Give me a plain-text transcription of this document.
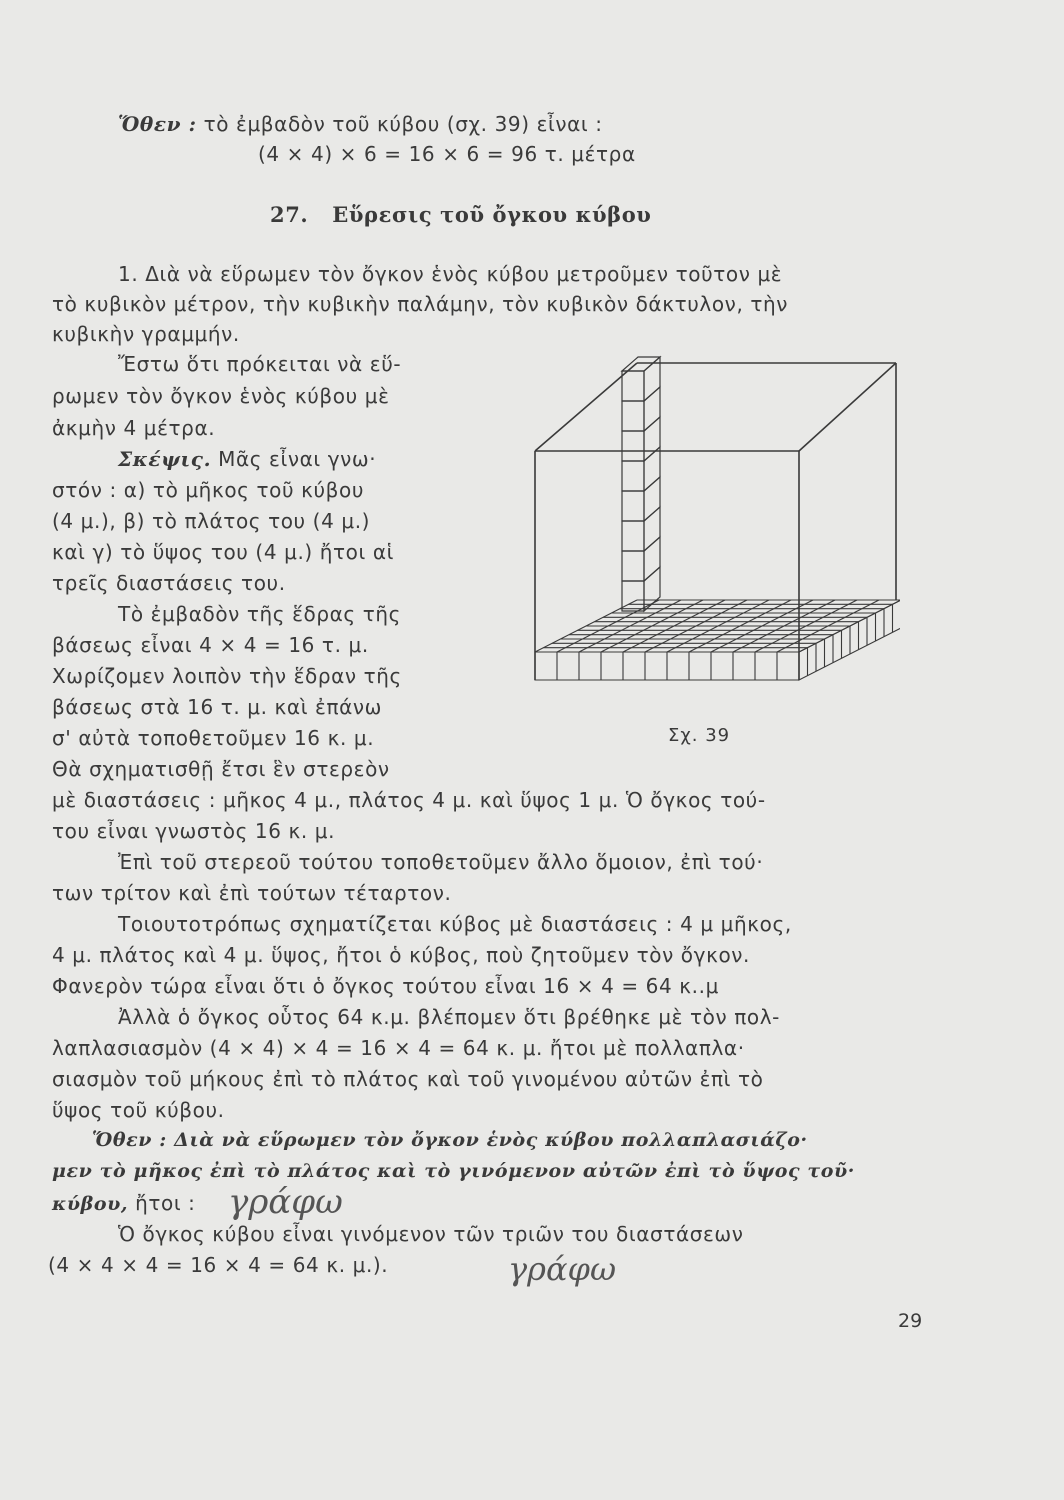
Ὅθεν : τὸ ἐμβαδὸν τοῦ κύβου (σχ. 39) εἶναι :
(4 × 4) × 6 = 16 × 6 = 96 τ. μέτρα
27. Εὕρεσις τοῦ ὄγκου κύβου
1. Διὰ νὰ εὕρωμεν τὸν ὄγκον ἑνὸς κύβου μετροῦμεν τοῦτον μὲ
τὸ κυβικὸν μέτρον, τὴν κυβικὴν παλάμην, τὸν κυβικὸν δάκτυλον, τὴν
κυβικὴν γραμμήν.
Ἔστω ὅτι πρόκειται νὰ εὕ-
ρωμεν τὸν ὄγκον ἑνὸς κύβου μὲ
ἀκμὴν 4 μέτρα.
Σκέψις. Μᾶς εἶναι γνω·
στόν : α) τὸ μῆκος τοῦ κύβου
(4 μ.), β) τὸ πλάτος του (4 μ.)
καὶ γ) τὸ ὕψος του (4 μ.) ἤτοι αἱ
τρεῖς διαστάσεις του.
Τὸ ἐμβαδὸν τῆς ἕδρας τῆς
βάσεως εἶναι 4 × 4 = 16 τ. μ.
Χωρίζομεν λοιπὸν τὴν ἕδραν τῆς
βάσεως στὰ 16 τ. μ. καὶ ἐπάνω
σ' αὐτὰ τοποθετοῦμεν 16 κ. μ.
Θὰ σχηματισθῇ ἔτσι ἓν στερεὸν
μὲ διαστάσεις : μῆκος 4 μ., πλάτος 4 μ. καὶ ὕψος 1 μ. Ὁ ὄγκος τού-
του εἶναι γνωστὸς 16 κ. μ.
Ἐπὶ τοῦ στερεοῦ τούτου τοποθετοῦμεν ἄλλο ὅμοιον, ἐπὶ τού·
των τρίτον καὶ ἐπὶ τούτων τέταρτον.
Τοιουτοτρόπως σχηματίζεται κύβος μὲ διαστάσεις : 4 μ μῆκος,
4 μ. πλάτος καὶ 4 μ. ὕψος, ἤτοι ὁ κύβος, ποὺ ζητοῦμεν τὸν ὄγκον.
Φανερὸν τώρα εἶναι ὅτι ὁ ὄγκος τούτου εἶναι 16 × 4 = 64 κ..μ
Ἀλλὰ ὁ ὄγκος οὗτος 64 κ.μ. βλέπομεν ὅτι βρέθηκε μὲ τὸν πολ-
λαπλασιασμὸν (4 × 4) × 4 = 16 × 4 = 64 κ. μ. ἤτοι μὲ πολλαπλα·
σιασμὸν τοῦ μήκους ἐπὶ τὸ πλάτος καὶ τοῦ γινομένου αὐτῶν ἐπὶ τὸ
ὕψος τοῦ κύβου.
Ὅθεν : Διὰ νὰ εὕρωμεν τὸν ὄγκον ἑνὸς κύβου πολλαπλασιάζο·
μεν τὸ μῆκος ἐπὶ τὸ πλάτος καὶ τὸ γινόμενον αὐτῶν ἐπὶ τὸ ὕψος τοῦ·
κύβου, ἤτοι :
Ὁ ὄγκος κύβου εἶναι γινόμενον τῶν τριῶν του διαστάσεων
(4 × 4 × 4 = 16 × 4 = 64 κ. μ.).
γράφω
γράφω
Σχ. 39
29
